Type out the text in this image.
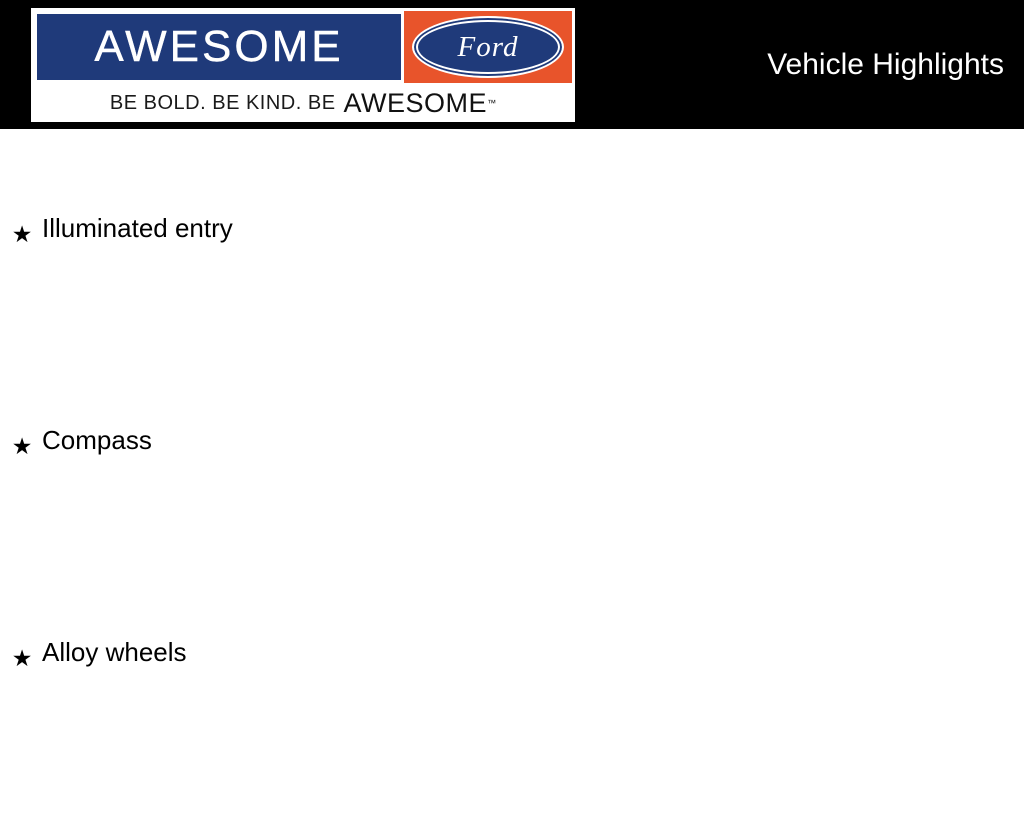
AWESOME	Ford
BE BOLD. BE KIND. BE AWESOME ™
Vehicle Highlights
★ Illuminated entry
★ Compass
★ Alloy wheels
